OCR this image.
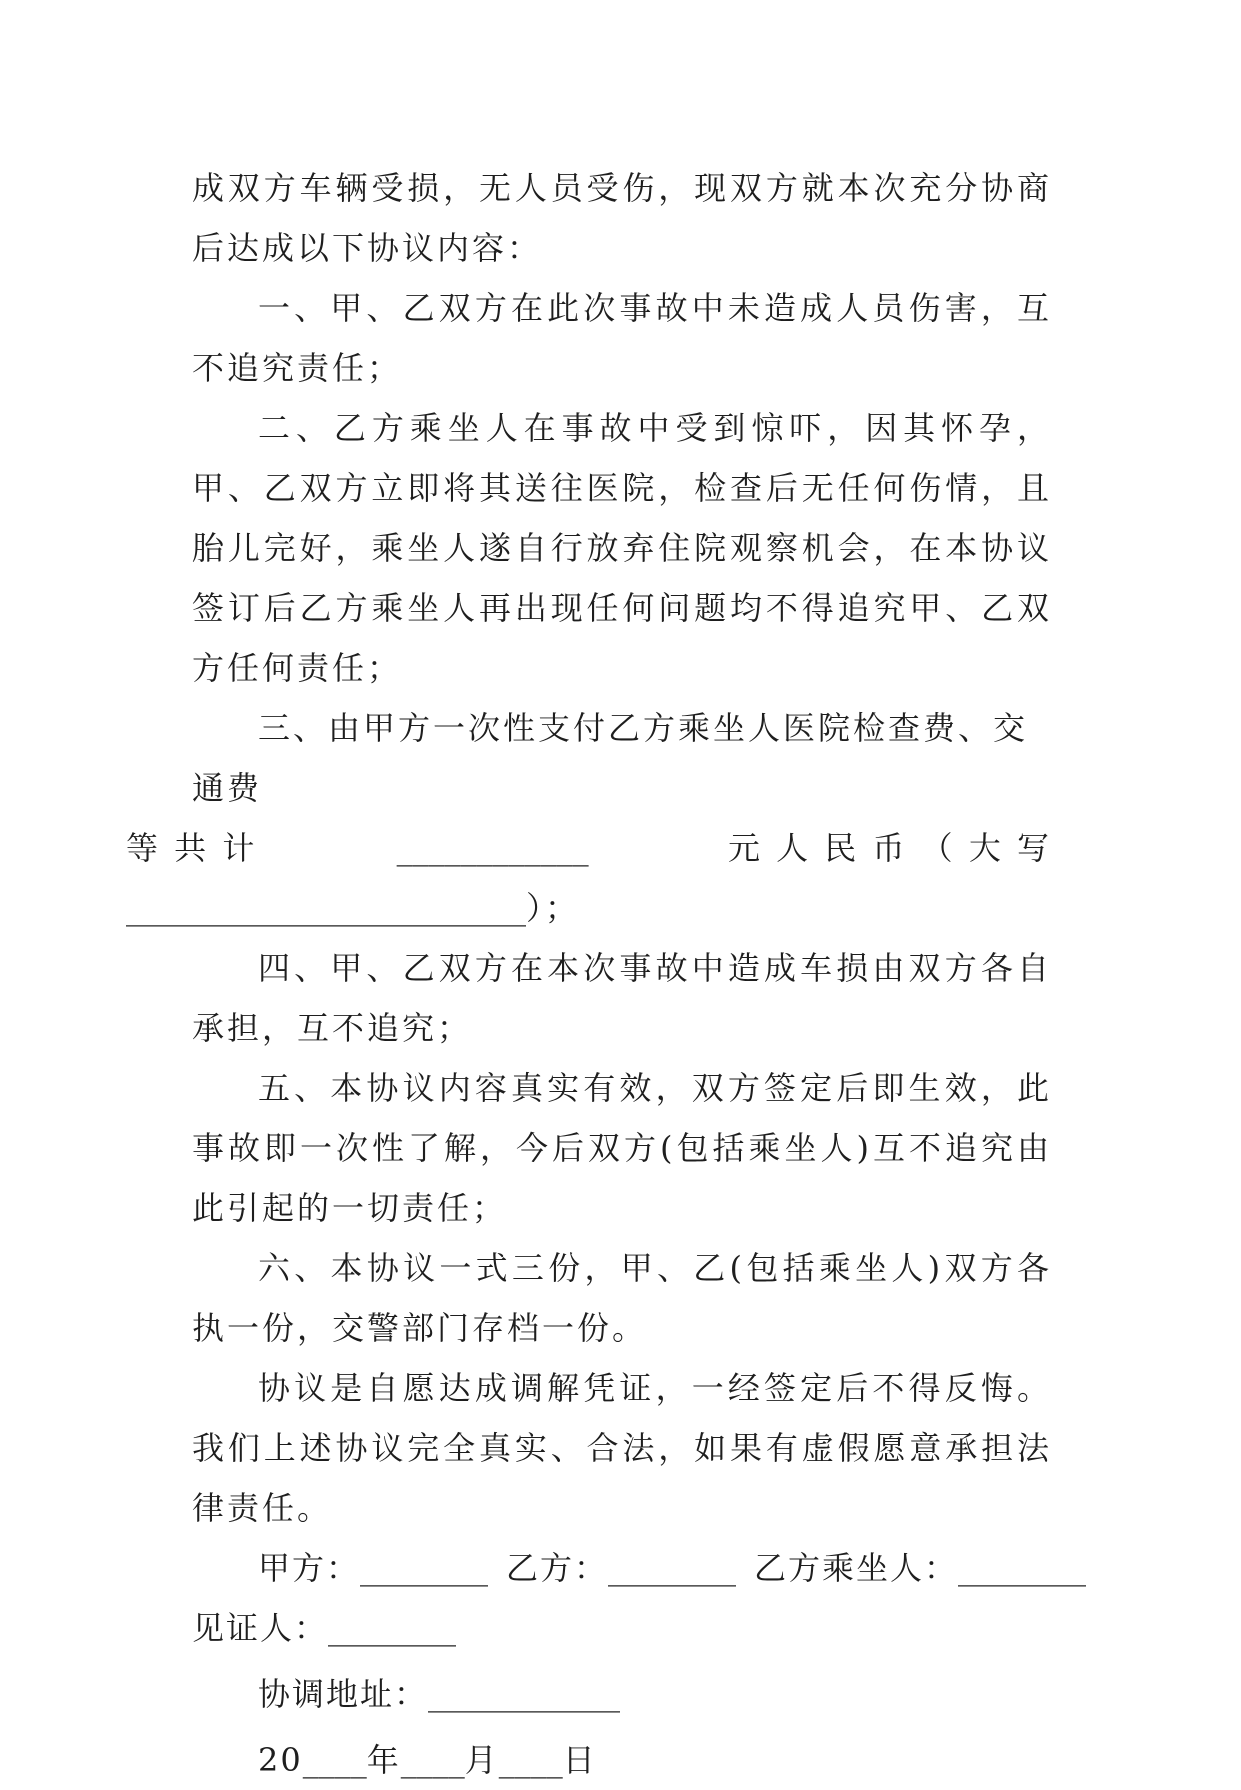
成双方车辆受损，无人员受伤，现双方就本次充分协商后达成以下协议内容：
一、甲、乙双方在此次事故中未造成人员伤害，互不追究责任；
二、乙方乘坐人在事故中受到惊吓，因其怀孕，甲、乙双方立即将其送往医院，检查后无任何伤情，且胎儿完好，乘坐人遂自行放弃住院观察机会，在本协议签订后乙方乘坐人再出现任何问题均不得追究甲、乙双方任何责任；
三、由甲方一次性支付乙方乘坐人医院检查费、交通费
等 共 计	____________	元 人 民 币 （ 大 写
_________________________）；
四、甲、乙双方在本次事故中造成车损由双方各自承担，互不追究；
五、本协议内容真实有效，双方签定后即生效，此事故即一次性了解，今后双方(包括乘坐人)互不追究由此引起的一切责任；
六、本协议一式三份，甲、乙(包括乘坐人)双方各执一份，交警部门存档一份。
协议是自愿达成调解凭证，一经签定后不得反悔。 我们上述协议完全真实、合法，如果有虚假愿意承担法律责任。
甲方：________ 乙方：________ 乙方乘坐人：________
见证人：________
协调地址：____________
20____年____月____日
